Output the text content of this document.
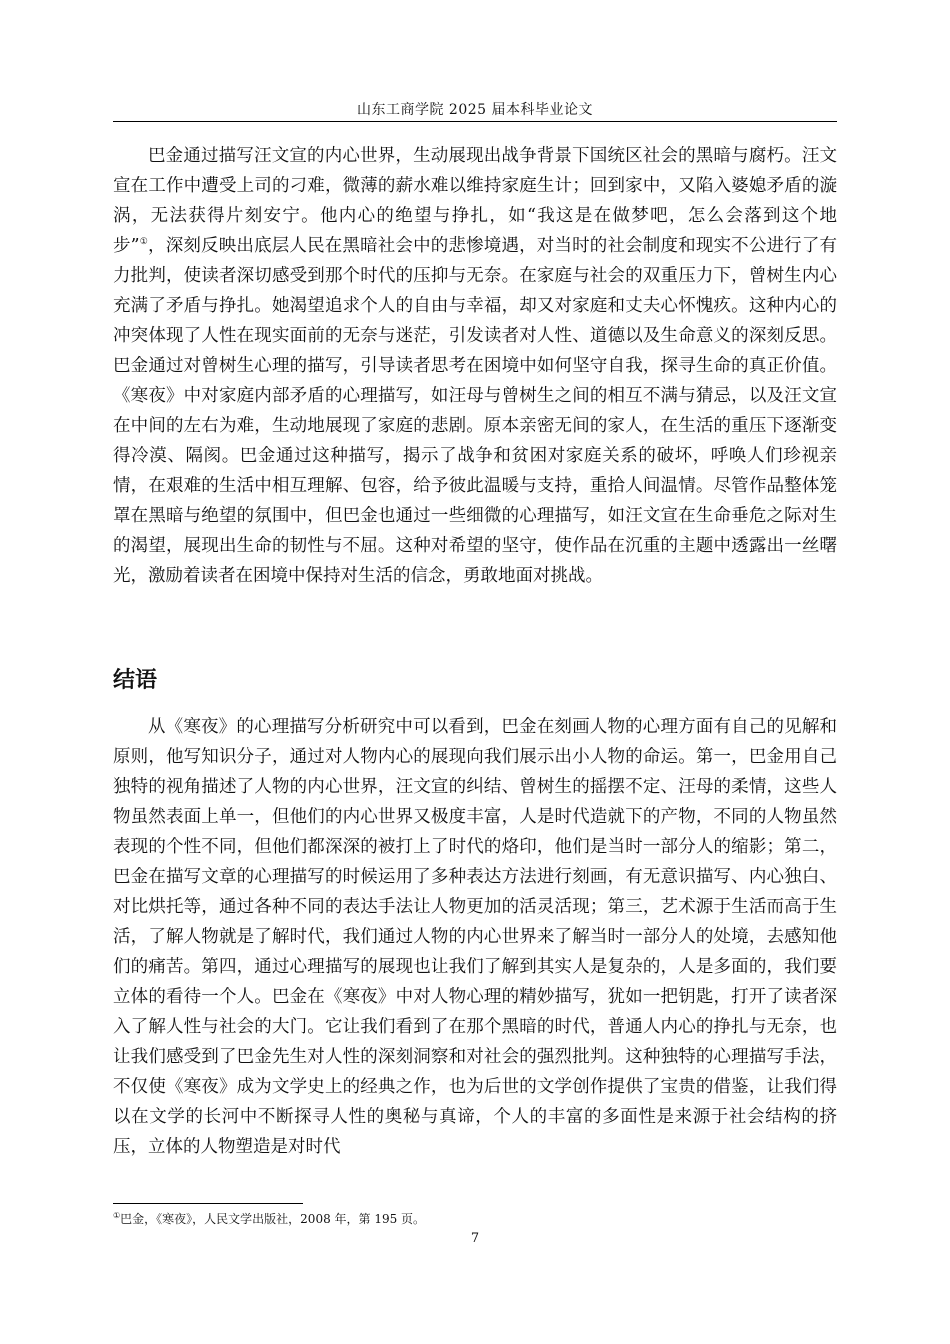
山东工商学院 2025 届本科毕业论文

巴金通过描写汪文宣的内心世界，生动展现出战争背景下国统区社会的黑暗与腐朽。汪文宣在工作中遭受上司的刁难，微薄的薪水难以维持家庭生计；回到家中，又陷入婆媳矛盾的漩涡，无法获得片刻安宁。他内心的绝望与挣扎，如“我这是在做梦吧，怎么会落到这个地步”①，深刻反映出底层人民在黑暗社会中的悲惨境遇，对当时的社会制度和现实不公进行了有力批判，使读者深切感受到那个时代的压抑与无奈。在家庭与社会的双重压力下，曾树生内心充满了矛盾与挣扎。她渴望追求个人的自由与幸福，却又对家庭和丈夫心怀愧疚。这种内心的冲突体现了人性在现实面前的无奈与迷茫，引发读者对人性、道德以及生命意义的深刻反思。巴金通过对曾树生心理的描写，引导读者思考在困境中如何坚守自我，探寻生命的真正价值。《寒夜》中对家庭内部矛盾的心理描写，如汪母与曾树生之间的相互不满与猜忌，以及汪文宣在中间的左右为难，生动地展现了家庭的悲剧。原本亲密无间的家人，在生活的重压下逐渐变得冷漠、隔阂。巴金通过这种描写，揭示了战争和贫困对家庭关系的破坏，呼唤人们珍视亲情，在艰难的生活中相互理解、包容，给予彼此温暖与支持，重拾人间温情。尽管作品整体笼罩在黑暗与绝望的氛围中，但巴金也通过一些细微的心理描写，如汪文宣在生命垂危之际对生的渴望，展现出生命的韧性与不屈。这种对希望的坚守，使作品在沉重的主题中透露出一丝曙光，激励着读者在困境中保持对生活的信念，勇敢地面对挑战。

结语

从《寒夜》的心理描写分析研究中可以看到，巴金在刻画人物的心理方面有自己的见解和原则，他写知识分子，通过对人物内心的展现向我们展示出小人物的命运。第一，巴金用自己独特的视角描述了人物的内心世界，汪文宣的纠结、曾树生的摇摆不定、汪母的柔情，这些人物虽然表面上单一，但他们的内心世界又极度丰富，人是时代造就下的产物，不同的人物虽然表现的个性不同，但他们都深深的被打上了时代的烙印，他们是当时一部分人的缩影；第二，巴金在描写文章的心理描写的时候运用了多种表达方法进行刻画，有无意识描写、内心独白、对比烘托等，通过各种不同的表达手法让人物更加的活灵活现；第三，艺术源于生活而高于生活，了解人物就是了解时代，我们通过人物的内心世界来了解当时一部分人的处境，去感知他们的痛苦。第四，通过心理描写的展现也让我们了解到其实人是复杂的，人是多面的，我们要立体的看待一个人。巴金在《寒夜》中对人物心理的精妙描写，犹如一把钥匙，打开了读者深入了解人性与社会的大门。它让我们看到了在那个黑暗的时代，普通人内心的挣扎与无奈，也让我们感受到了巴金先生对人性的深刻洞察和对社会的强烈批判。这种独特的心理描写手法，不仅使《寒夜》成为文学史上的经典之作，也为后世的文学创作提供了宝贵的借鉴，让我们得以在文学的长河中不断探寻人性的奥秘与真谛，个人的丰富的多面性是来源于社会结构的挤压，立体的人物塑造是对时代

①巴金，《寒夜》，人民文学出版社，2008 年，第 195 页。
7
